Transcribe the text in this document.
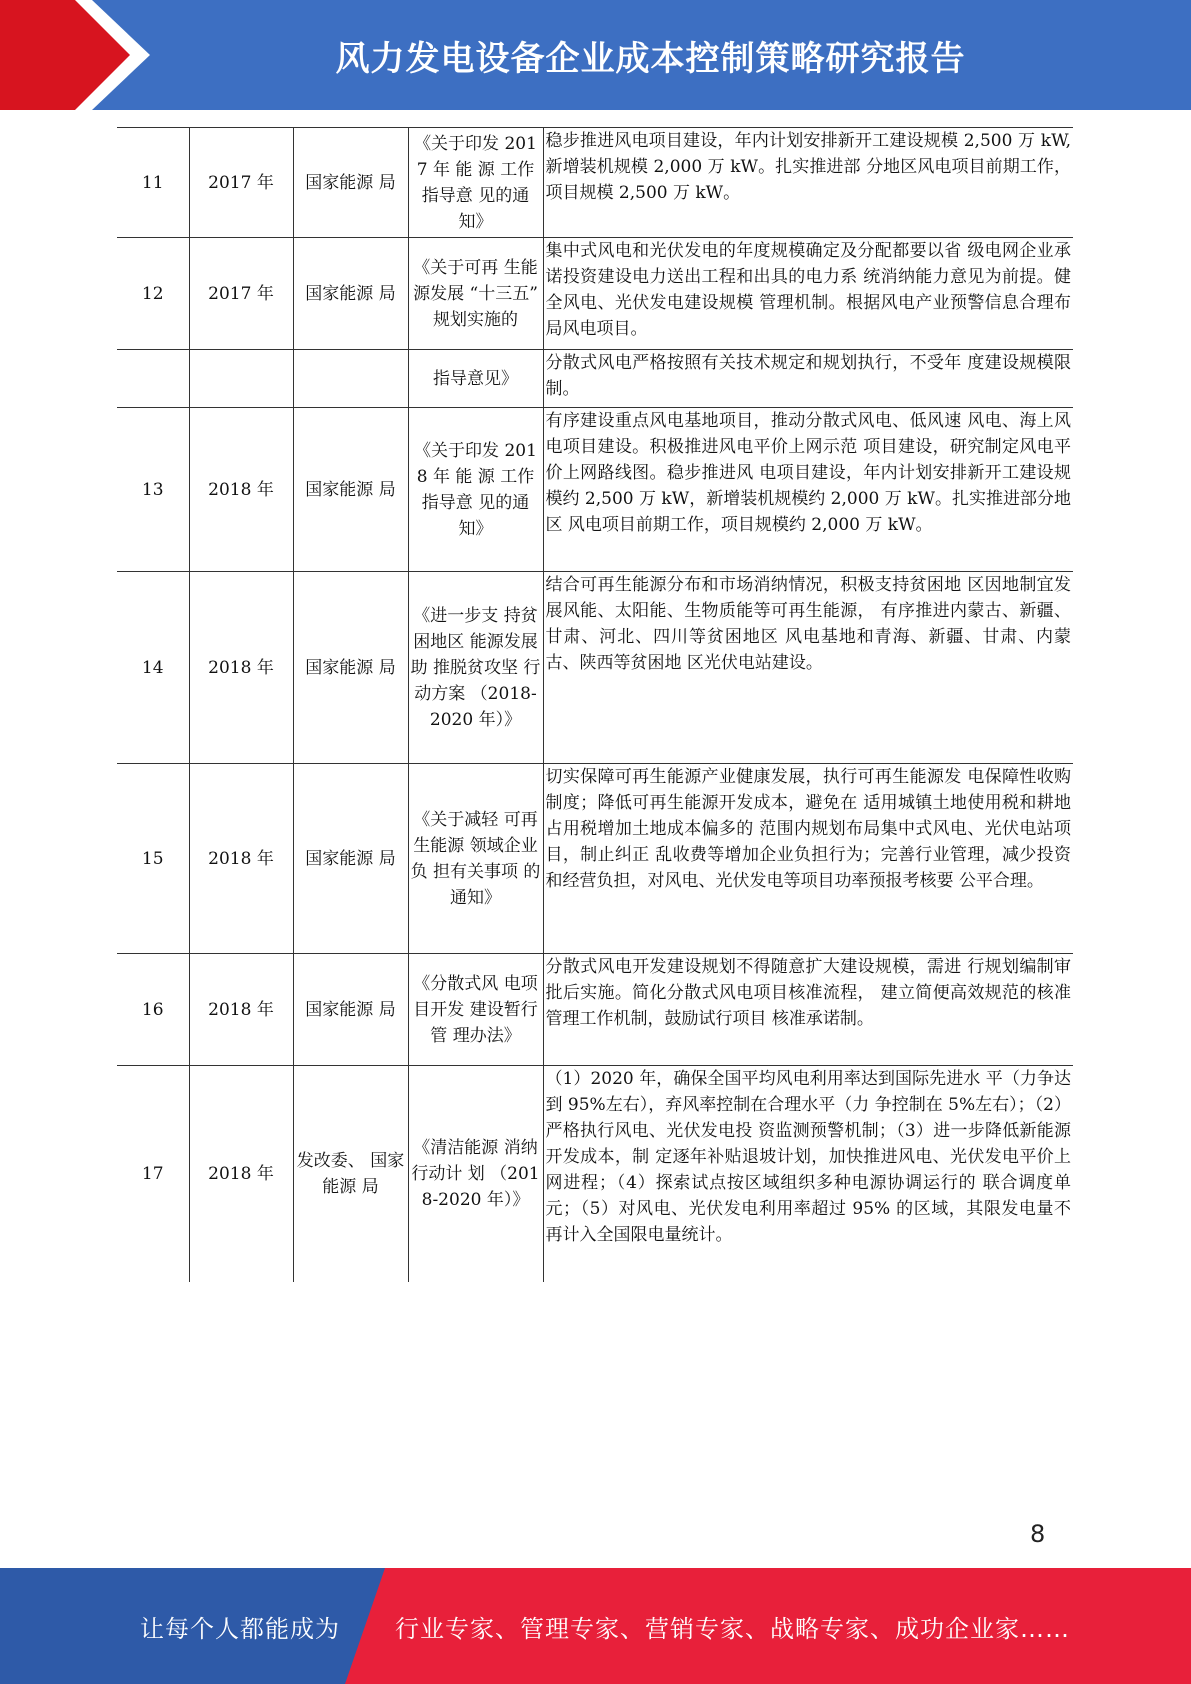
风力发电设备企业成本控制策略研究报告
11	2017 年	国家能源 局	《关于印发 2017 年 能 源 工作指导意 见的通知》	稳步推进风电项目建设，年内计划安排新开工建设规模 2,500 万 kW, 新增装机规模 2,000 万 kW。扎实推进部 分地区风电项目前期工作，项目规模 2,500 万 kW。
12	2017 年	国家能源 局	《关于可再 生能源发展 “十三五” 规划实施的	集中式风电和光伏发电的年度规模确定及分配都要以省 级电网企业承诺投资建设电力送出工程和出具的电力系 统消纳能力意见为前提。健全风电、光伏发电建设规模 管理机制。根据风电产业预警信息合理布局风电项目。
			指导意见》	分散式风电严格按照有关技术规定和规划执行，不受年 度建设规模限制。
13	2018 年	国家能源 局	《关于印发 2018 年 能 源 工作指导意 见的通知》	有序建设重点风电基地项目，推动分散式风电、低风速 风电、海上风电项目建设。积极推进风电平价上网示范 项目建设，研究制定风电平价上网路线图。稳步推进风 电项目建设，年内计划安排新开工建设规模约 2,500 万 kW，新增装机规模约 2,000 万 kW。扎实推进部分地区 风电项目前期工作，项目规模约 2,000 万 kW。
14	2018 年	国家能源 局	《进一步支 持贫困地区 能源发展助 推脱贫攻坚 行动方案 （2018-2020 年）》	结合可再生能源分布和市场消纳情况，积极支持贫困地 区因地制宜发展风能、太阳能、生物质能等可再生能源， 有序推进内蒙古、新疆、甘肃、河北、四川等贫困地区 风电基地和青海、新疆、甘肃、内蒙古、陕西等贫困地 区光伏电站建设。
15	2018 年	国家能源 局	《关于减轻 可再生能源 领域企业负 担有关事项 的通知》	切实保障可再生能源产业健康发展，执行可再生能源发 电保障性收购制度；降低可再生能源开发成本，避免在 适用城镇土地使用税和耕地占用税增加土地成本偏多的 范围内规划布局集中式风电、光伏电站项目，制止纠正 乱收费等增加企业负担行为；完善行业管理，减少投资 和经营负担，对风电、光伏发电等项目功率预报考核要 公平合理。
16	2018 年	国家能源 局	《分散式风 电项目开发 建设暂行管 理办法》	分散式风电开发建设规划不得随意扩大建设规模，需进 行规划编制审批后实施。简化分散式风电项目核准流程， 建立简便高效规范的核准管理工作机制，鼓励试行项目 核准承诺制。
17	2018 年	发改委、 国家能源 局	《清洁能源 消纳行动计 划 （2018-2020 年）》	（1）2020 年，确保全国平均风电利用率达到国际先进水 平（力争达到 95%左右），弃风率控制在合理水平（力 争控制在 5%左右）；（2）严格执行风电、光伏发电投 资监测预警机制；（3）进一步降低新能源开发成本，制 定逐年补贴退坡计划，加快推进风电、光伏发电平价上 网进程；（4）探索试点按区域组织多种电源协调运行的 联合调度单元；（5）对风电、光伏发电利用率超过 95% 的区域，其限发电量不再计入全国限电量统计。
8
让每个人都能成为 行业专家、管理专家、营销专家、战略专家、成功企业家……
